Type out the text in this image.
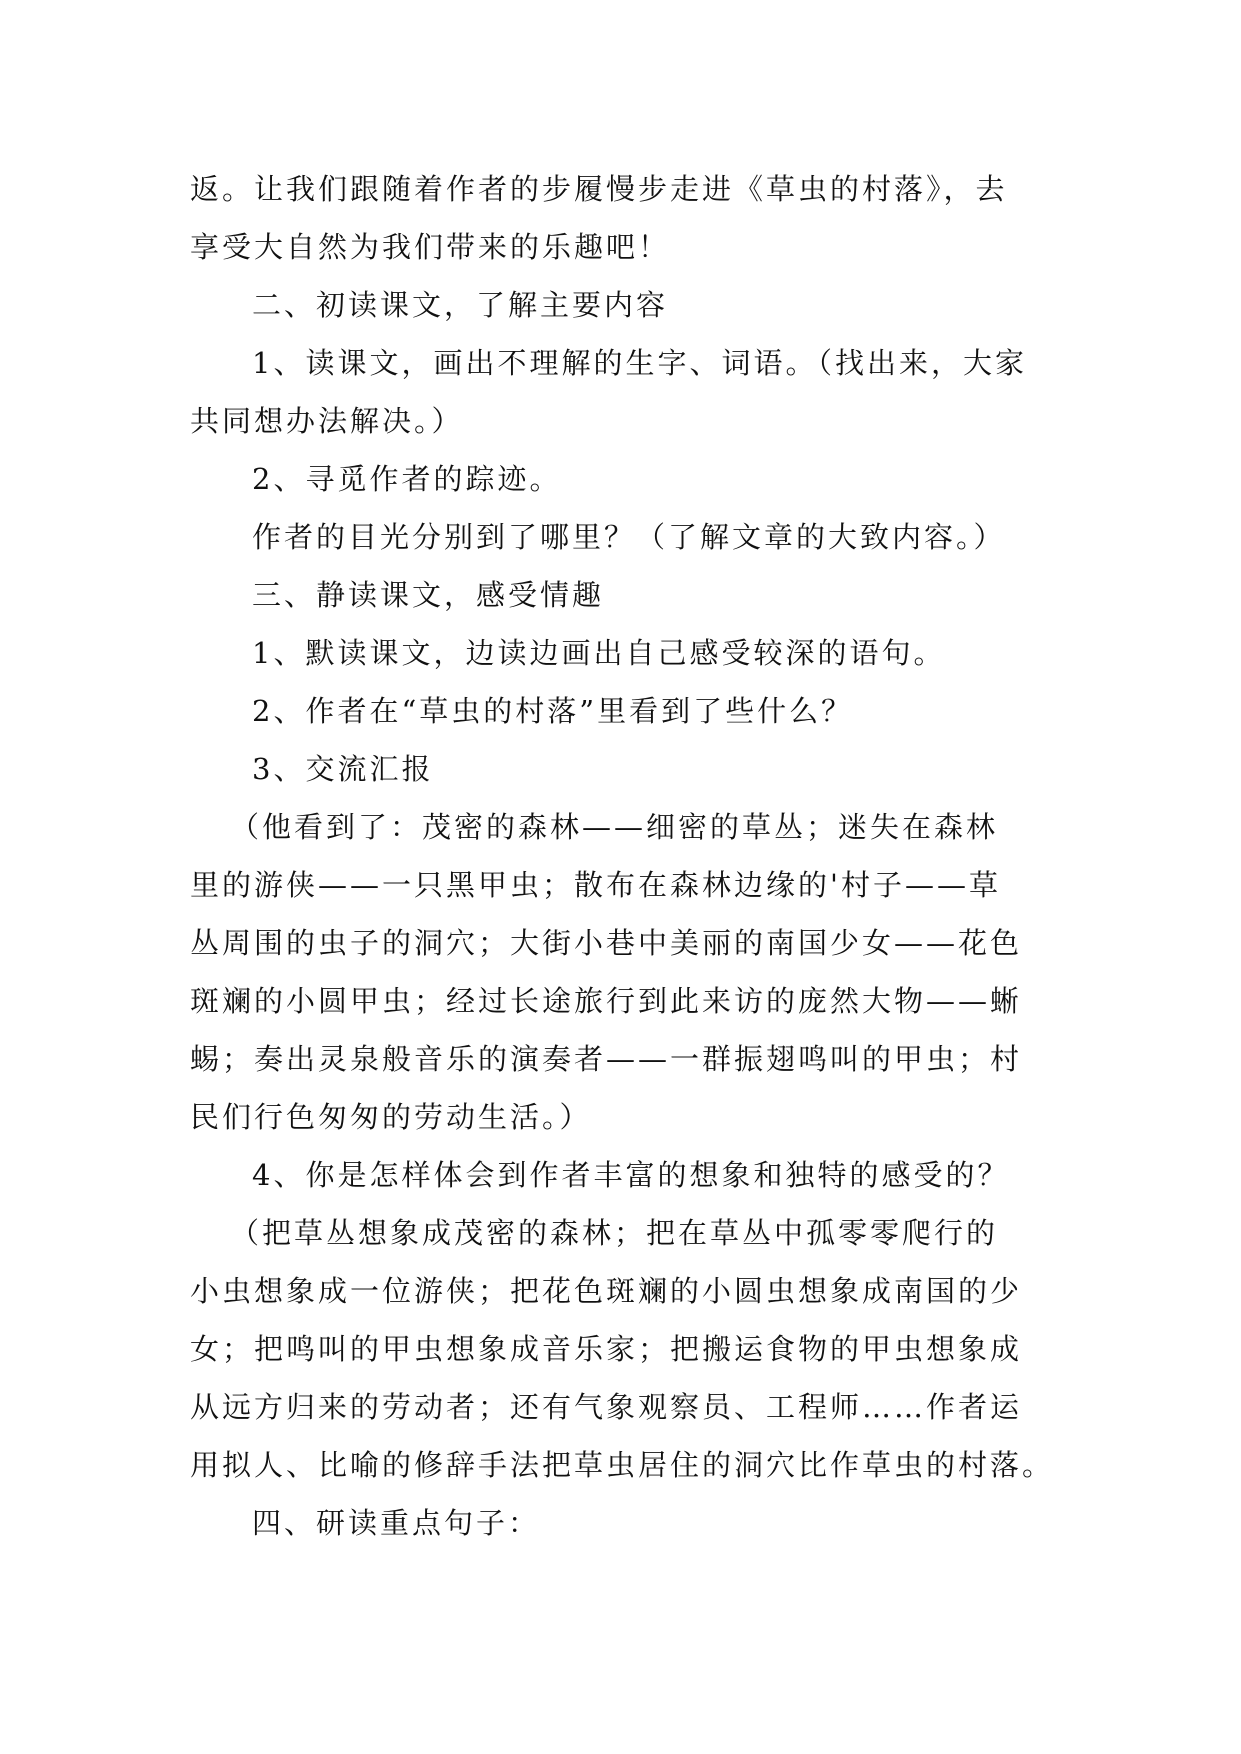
返。让我们跟随着作者的步履慢步走进《草虫的村落》，去
享受大自然为我们带来的乐趣吧！
二、初读课文，了解主要内容
1、读课文，画出不理解的生字、词语。（找出来，大家
共同想办法解决。）
2、寻觅作者的踪迹。
作者的目光分别到了哪里？（了解文章的大致内容。）
三、静读课文，感受情趣
1、默读课文，边读边画出自己感受较深的语句。
2、作者在“草虫的村落”里看到了些什么？
3、交流汇报
（他看到了：茂密的森林——细密的草丛；迷失在森林
里的游侠——一只黑甲虫；散布在森林边缘的'村子——草
丛周围的虫子的洞穴；大街小巷中美丽的南国少女——花色
斑斓的小圆甲虫；经过长途旅行到此来访的庞然大物——蜥
蜴；奏出灵泉般音乐的演奏者——一群振翅鸣叫的甲虫；村
民们行色匆匆的劳动生活。）
4、你是怎样体会到作者丰富的想象和独特的感受的？
（把草丛想象成茂密的森林；把在草丛中孤零零爬行的
小虫想象成一位游侠；把花色斑斓的小圆虫想象成南国的少
女；把鸣叫的甲虫想象成音乐家；把搬运食物的甲虫想象成
从远方归来的劳动者；还有气象观察员、工程师……作者运
用拟人、比喻的修辞手法把草虫居住的洞穴比作草虫的村落。
四、研读重点句子：
